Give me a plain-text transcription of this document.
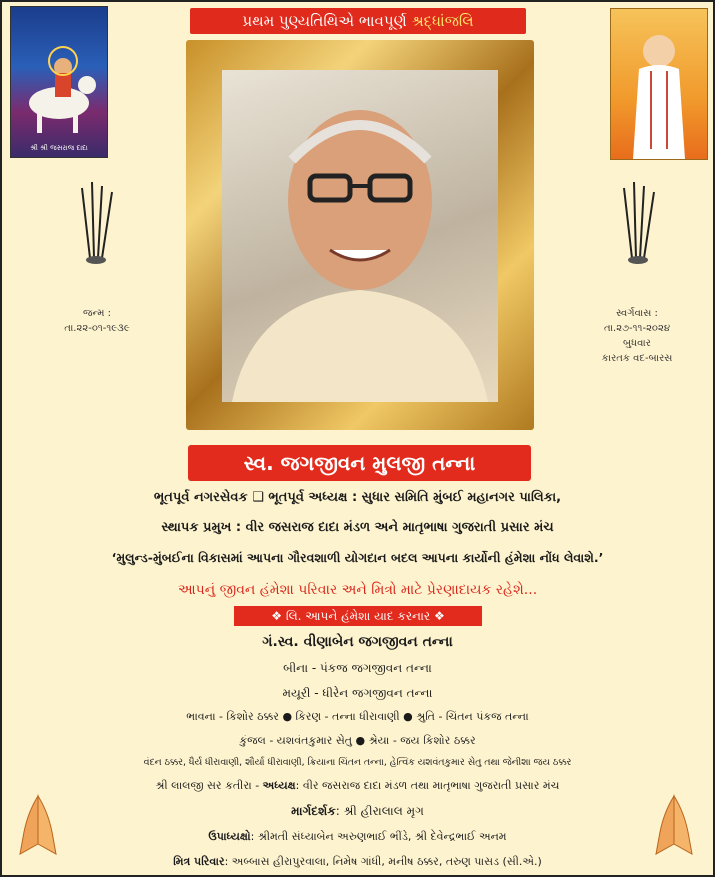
પ્રથમ પુણ્યતિથિએ ભાવપૂર્ણ શ્રદ્ધાંજલિ
શ્રી શ્રી જસરાજ દાદા
જન્મ :
તા.૨૨-૦૧-૧૯૩૯
સ્વર્ગવાસ :
તા.૨૭-૧૧-૨૦૨૪
બુધવાર
કારતક વદ-બારસ
સ્વ. જગજીવન મુલજી તન્ના
ભૂતપૂર્વ નગરસેવક ❑ ભૂતપૂર્વ અધ્યક્ષ : સુધાર સમિતિ મુંબઈ મહાનગર પાલિકા,
સ્થાપક પ્રમુખ : વીર જસરાજ દાદા મંડળ અને માતૃભાષા ગુજરાતી પ્રસાર મંચ
‘મુલુન્ડ-મુંબઈના વિકાસમાં આપના ગૌરવશાળી યોગદાન બદલ આપના કાર્યોની હંમેશા નોંધ લેવાશે.’
આપનું જીવન હંમેશા પરિવાર અને મિત્રો માટે પ્રેરણાદાયક રહેશે...
❖ લિ. આપને હંમેશા યાદ કરનાર ❖
ગં.સ્વ. વીણાબેન જગજીવન તન્ના
બીના - પંકજ જગજીવન તન્ના
મયૂરી - ધીરેન જગજીવન તન્ના
ભાવના - કિશોર ઠક્કર ● કિરણ - તન્ના ધીરાવાણી ● શ્રુતિ - ચિંતન પંકજ તન્ના
કુંજલ - યશવંતકુમાર સેતુ ● શ્રેયા - જય કિશોર ઠક્કર
વંદન ઠક્કર, ધૈર્ય ધીરાવાણી, શૌર્યા ધીરાવાણી, ક્રિયાના ચિંતન તન્ના, હેત્વિક યશવંતકુમાર સેતુ તથા જેનીશા જય ઠક્કર
શ્રી લાલજી સર કતીરા - અધ્યક્ષ: વીર જસરાજ દાદા મંડળ તથા માતૃભાષા ગુજરાતી પ્રસાર મંચ
માર્ગદર્શક: શ્રી હીરાલાલ મૃગ
ઉપાધ્યક્ષો: શ્રીમતી સંધ્યાબેન અરુણભાઈ ભીંડે, શ્રી દેવેન્દ્રભાઈ અનમ
મિત્ર પરિવાર: અબ્બાસ હીરાપુરવાલા, નિમેષ ગાંધી, મનીષ ઠક્કર, તરુણ પાસડ (સી.એ.)
